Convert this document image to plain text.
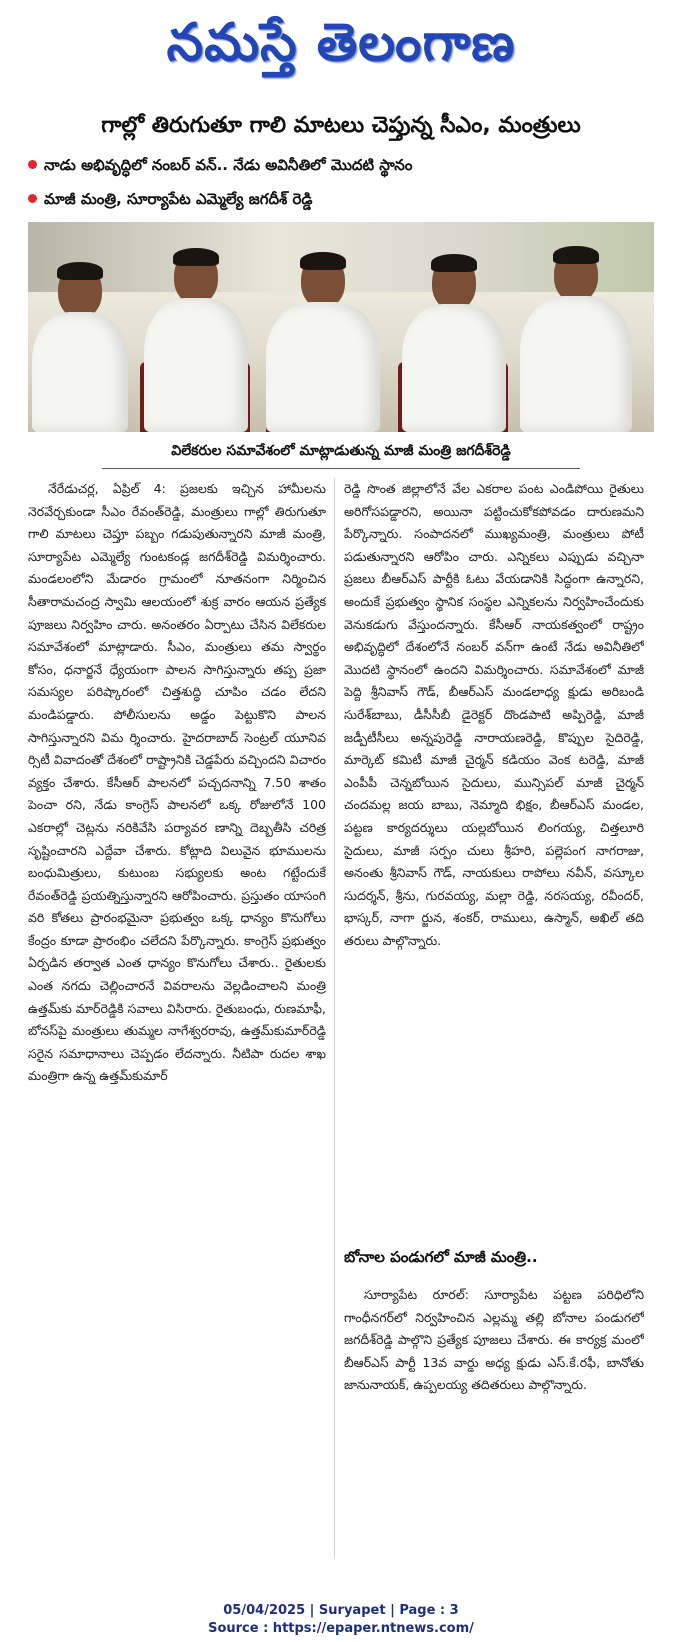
నమస్తే తెలంగాణ
గాల్లో తిరుగుతూ గాలి మాటలు చెప్తున్న సీఎం, మంత్రులు
నాడు అభివృద్ధిలో నంబర్ వన్.. నేడు అవినీతిలో మొదటి స్థానం
మాజీ మంత్రి, సూర్యాపేట ఎమ్మెల్యే జగదీశ్ రెడ్డి
విలేకరుల సమావేశంలో మాట్లాడుతున్న మాజీ మంత్రి జగదీశ్‌రెడ్డి

నేరేడుచర్ల, ఏప్రిల్ 4: ప్రజలకు ఇచ్చిన హామీలను నెరవేర్చకుండా సీఎం రేవంత్‌రెడ్డి, మంత్రులు గాల్లో తిరుగుతూ గాలి మాటలు చెప్తూ పబ్బం గడుపుతున్నారని మాజీ మంత్రి, సూర్యాపేట ఎమ్మెల్యే గుంటకండ్ల జగదీశ్‌రెడ్డి విమర్శించారు. మండలంలోని మేడారం గ్రామంలో నూతనంగా నిర్మించిన సీతారామచంద్ర స్వామి ఆలయంలో శుక్ర వారం ఆయన ప్రత్యేక పూజలు నిర్వహిం చారు. అనంతరం ఏర్పాటు చేసిన విలేకరుల సమావేశంలో మాట్లాడారు. సీఎం, మంత్రులు తమ స్వార్థం కోసం, ధనార్జనే ధ్యేయంగా పాలన సాగిస్తున్నారు తప్ప ప్రజా సమస్యల పరిష్కారంలో చిత్తశుద్ధి చూపిం చడం లేదని మండిపడ్డారు. పోలీసులను అడ్డం పెట్టుకొని పాలన సాగిస్తున్నారని విమ ర్శించారు. హైదరాబాద్ సెంట్రల్ యూనివ ర్సిటీ వివాదంతో దేశంలో రాష్ట్రానికి చెడ్డపేరు వచ్చిందని విచారం వ్యక్తం చేశారు. కేసీఆర్ పాలనలో పచ్చదనాన్ని 7.50 శాతం పెంచా రని, నేడు కాంగ్రెస్ పాలనలో ఒక్క రోజులోనే 100 ఎకరాల్లో చెట్లను నరికివేసి పర్యావర ణాన్ని దెబ్బతీసి చరిత్ర సృష్టించారని ఎద్దేవా చేశారు. కోట్లాది విలువైన భూములను బంధుమిత్రులు, కుటుంబ సభ్యులకు అంట గట్టేందుకే రేవంత్‌రెడ్డి ప్రయత్నిస్తున్నారని ఆరోపించారు. ప్రస్తుతం యాసంగి వరి కోతలు ప్రారంభమైనా ప్రభుత్వం ఒక్క ధాన్యం కొనుగోలు కేంద్రం కూడా ప్రారంభిం చలేదని పేర్కొన్నారు. కాంగ్రెస్ ప్రభుత్వం ఏర్పడిన తర్వాత ఎంత ధాన్యం కొనుగోలు చేశారు.. రైతులకు ఎంత నగదు చెల్లించారనే వివరాలను వెల్లడించాలని మంత్రి ఉత్తమ్‌కు మార్‌రెడ్డికి సవాలు విసిరారు. రైతుబంధు, రుణమాఫీ, బోనస్‌పై మంత్రులు తుమ్మల నాగేశ్వరరావు, ఉత్తమ్‌కుమార్‌రెడ్డి సరైన సమాధానాలు చెప్పడం లేదన్నారు. నీటిపా రుదల శాఖ మంత్రిగా ఉన్న ఉత్తమ్‌కుమార్

రెడ్డి సొంత జిల్లాలోనే వేల ఎకరాల పంట ఎండిపోయి రైతులు అరిగోసపడ్డారని, అయినా పట్టించుకోకపోవడం దారుణమని పేర్కొన్నారు. సంపాదనలో ముఖ్యమంత్రి, మంత్రులు పోటీ పడుతున్నారని ఆరోపిం చారు. ఎన్నికలు ఎప్పుడు వచ్చినా ప్రజలు బీఆర్ఎస్ పార్టీకి ఓటు వేయడానికి సిద్ధంగా ఉన్నారని, అందుకే ప్రభుత్వం స్థానిక సంస్థల ఎన్నికలను నిర్వహించేందుకు వెనుకడుగు వేస్తుందన్నారు. కేసీఆర్ నాయకత్వంలో రాష్ట్రం అభివృద్ధిలో దేశంలోనే నంబర్ వన్‌గా ఉంటే నేడు అవినీతిలో మొదటి స్థానంలో ఉందని విమర్శించారు. సమావేశంలో మాజీ పెద్ది శ్రీనివాస్ గౌడ్, బీఆర్ఎస్ మండలాధ్య క్షుడు అరిబండి సురేశ్‌బాబు, డీసీసీబీ డైరెక్టర్ దొండపాటి అప్పిరెడ్డి, మాజీ జడ్పీటీసీలు అన్నపురెడ్డి నారాయణరెడ్డి, కొప్పుల సైదిరెడ్డి, మార్కెట్ కమిటీ మాజీ చైర్మన్ కడియం వెంక టరెడ్డి, మాజీ ఎంపీపీ చెన్నబోయిన సైదులు, మున్సిపల్ మాజీ చైర్మన్ చందమల్ల జయ బాబు, నెమ్మాది భిక్షం, బీఆర్ఎస్ మండల, పట్టణ కార్యదర్శులు యల్లబోయిన లింగయ్య, చిత్తలూరి సైదులు, మాజీ సర్పం చులు శ్రీహరి, పల్లెపంగ నాగరాజు, అనంతు శ్రీనివాస్ గౌడ్, నాయకులు రాపోలు నవీన్, వస్కూల సుదర్శన్, శ్రీను, గురవయ్య, మల్లా రెడ్డి, నరసయ్య, రవీందర్, భాస్కర్, నాగా ర్జున, శంకర్, రాములు, ఉస్మాన్, అఖిల్ తది తరులు పాల్గొన్నారు.

బోనాల పండుగలో మాజీ మంత్రి..

సూర్యాపేట రూరల్: సూర్యాపేట పట్టణ పరిధిలోని గాంధీనగర్‌లో నిర్వహించిన ఎల్లమ్మ తల్లి బోనాల పండుగలో జగదీశ్‌రెడ్డి పాల్గొని ప్రత్యేక పూజలు చేశారు. ఈ కార్యక్ర మంలో బీఆర్ఎస్ పార్టీ 13వ వార్డు అధ్య క్షుడు ఎస్.కే.రఫీ, బానోతు జానునాయక్, ఉప్పలయ్య తదితరులు పాల్గొన్నారు.

05/04/2025 | Suryapet | Page : 3
Source : https://epaper.ntnews.com/
